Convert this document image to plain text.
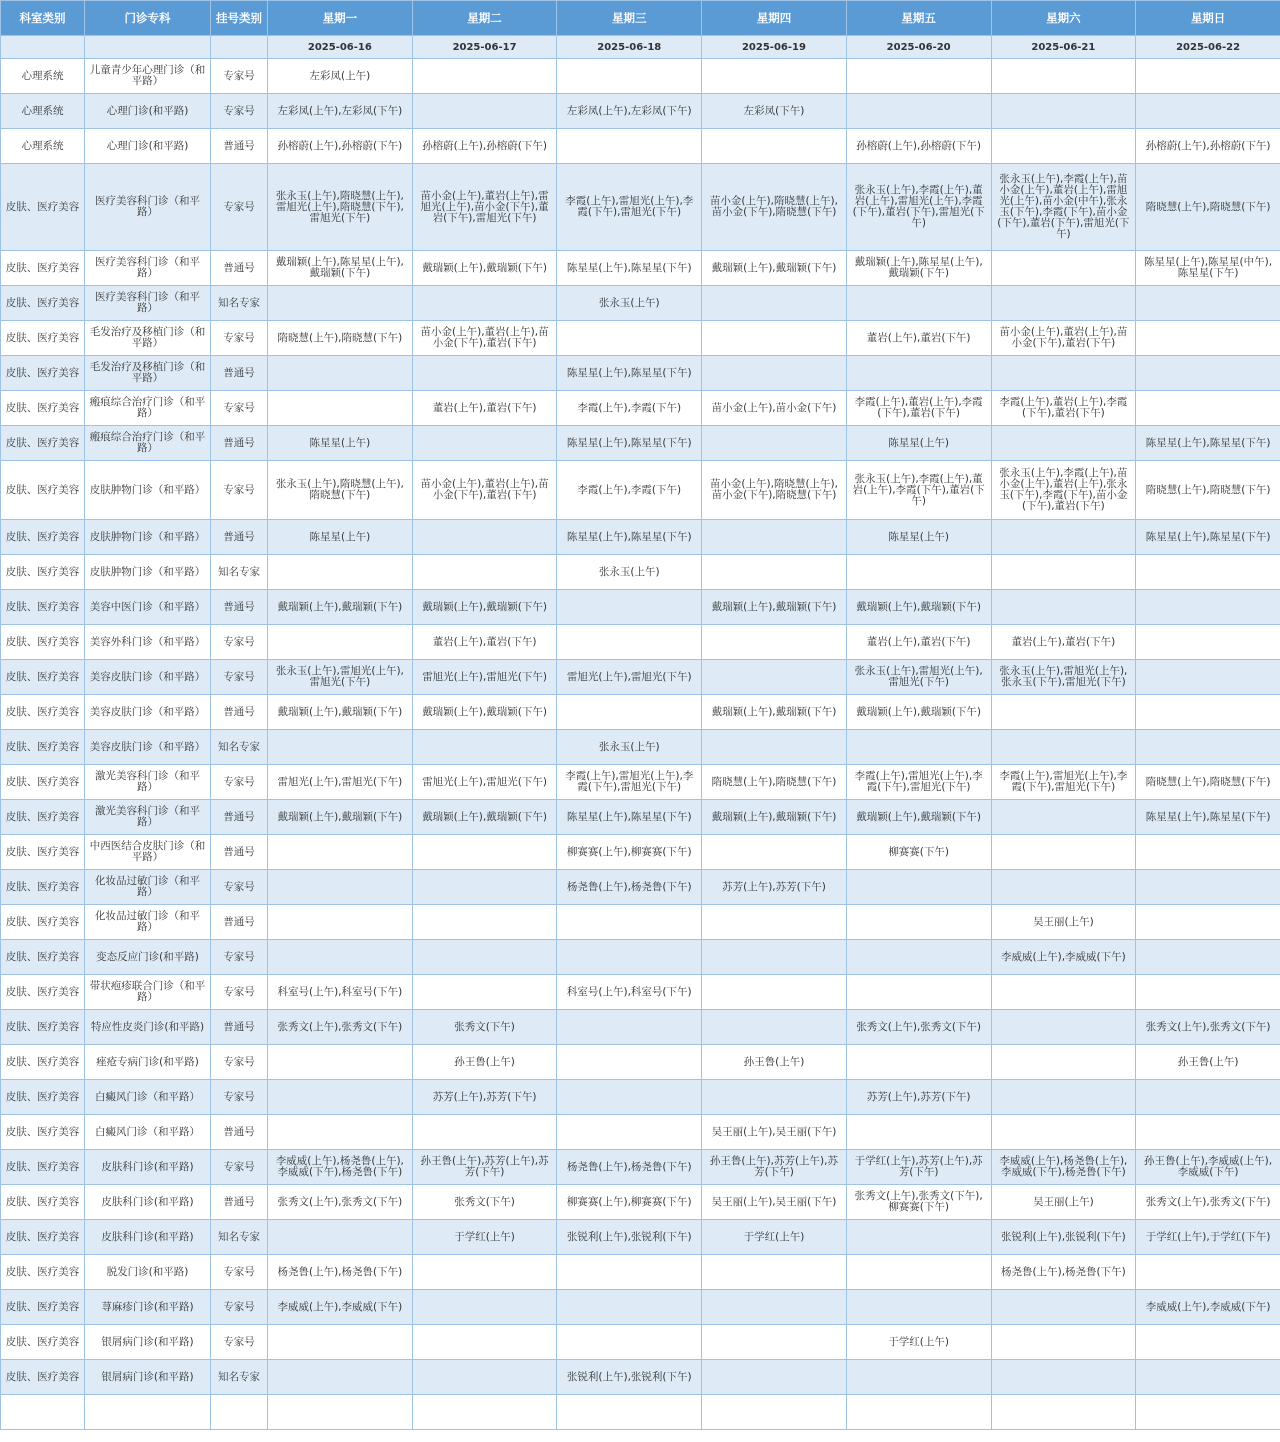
科室类别	门诊专科	挂号类别	星期一	星期二	星期三	星期四	星期五	星期六	星期日
			2025-06-16	2025-06-17	2025-06-18	2025-06-19	2025-06-20	2025-06-21	2025-06-22
心理系统	儿童青少年心理门诊（和平路）	专家号	左彩凤(上午)						
心理系统	心理门诊(和平路)	专家号	左彩凤(上午),左彩凤(下午)		左彩凤(上午),左彩凤(下午)	左彩凤(下午)			
心理系统	心理门诊(和平路)	普通号	孙榕蔚(上午),孙榕蔚(下午)	孙榕蔚(上午),孙榕蔚(下午)			孙榕蔚(上午),孙榕蔚(下午)		孙榕蔚(上午),孙榕蔚(下午)
皮肤、医疗美容	医疗美容科门诊（和平路）	专家号	张永玉(上午),隋晓慧(上午),雷旭光(上午),隋晓慧(下午),雷旭光(下午)	苗小金(上午),董岩(上午),雷旭光(上午),苗小金(下午),董岩(下午),雷旭光(下午)	李霞(上午),雷旭光(上午),李霞(下午),雷旭光(下午)	苗小金(上午),隋晓慧(上午),苗小金(下午),隋晓慧(下午)	张永玉(上午),李霞(上午),董岩(上午),雷旭光(上午),李霞(下午),董岩(下午),雷旭光(下午)	张永玉(上午),李霞(上午),苗小金(上午),董岩(上午),雷旭光(上午),苗小金(中午),张永玉(下午),李霞(下午),苗小金(下午),董岩(下午),雷旭光(下午)	隋晓慧(上午),隋晓慧(下午)
皮肤、医疗美容	医疗美容科门诊（和平路）	普通号	戴瑞颖(上午),陈星星(上午),戴瑞颖(下午)	戴瑞颖(上午),戴瑞颖(下午)	陈星星(上午),陈星星(下午)	戴瑞颖(上午),戴瑞颖(下午)	戴瑞颖(上午),陈星星(上午),戴瑞颖(下午)		陈星星(上午),陈星星(中午),陈星星(下午)
皮肤、医疗美容	医疗美容科门诊（和平路）	知名专家			张永玉(上午)				
皮肤、医疗美容	毛发治疗及移植门诊（和平路）	专家号	隋晓慧(上午),隋晓慧(下午)	苗小金(上午),董岩(上午),苗小金(下午),董岩(下午)			董岩(上午),董岩(下午)	苗小金(上午),董岩(上午),苗小金(下午),董岩(下午)	
皮肤、医疗美容	毛发治疗及移植门诊（和平路）	普通号			陈星星(上午),陈星星(下午)				
皮肤、医疗美容	瘢痕综合治疗门诊（和平路）	专家号		董岩(上午),董岩(下午)	李霞(上午),李霞(下午)	苗小金(上午),苗小金(下午)	李霞(上午),董岩(上午),李霞(下午),董岩(下午)	李霞(上午),董岩(上午),李霞(下午),董岩(下午)	
皮肤、医疗美容	瘢痕综合治疗门诊（和平路）	普通号	陈星星(上午)		陈星星(上午),陈星星(下午)		陈星星(上午)		陈星星(上午),陈星星(下午)
皮肤、医疗美容	皮肤肿物门诊（和平路）	专家号	张永玉(上午),隋晓慧(上午),隋晓慧(下午)	苗小金(上午),董岩(上午),苗小金(下午),董岩(下午)	李霞(上午),李霞(下午)	苗小金(上午),隋晓慧(上午),苗小金(下午),隋晓慧(下午)	张永玉(上午),李霞(上午),董岩(上午),李霞(下午),董岩(下午)	张永玉(上午),李霞(上午),苗小金(上午),董岩(上午),张永玉(下午),李霞(下午),苗小金(下午),董岩(下午)	隋晓慧(上午),隋晓慧(下午)
皮肤、医疗美容	皮肤肿物门诊（和平路）	普通号	陈星星(上午)		陈星星(上午),陈星星(下午)		陈星星(上午)		陈星星(上午),陈星星(下午)
皮肤、医疗美容	皮肤肿物门诊（和平路）	知名专家			张永玉(上午)				
皮肤、医疗美容	美容中医门诊（和平路）	普通号	戴瑞颖(上午),戴瑞颖(下午)	戴瑞颖(上午),戴瑞颖(下午)		戴瑞颖(上午),戴瑞颖(下午)	戴瑞颖(上午),戴瑞颖(下午)		
皮肤、医疗美容	美容外科门诊（和平路）	专家号		董岩(上午),董岩(下午)			董岩(上午),董岩(下午)	董岩(上午),董岩(下午)	
皮肤、医疗美容	美容皮肤门诊（和平路）	专家号	张永玉(上午),雷旭光(上午),雷旭光(下午)	雷旭光(上午),雷旭光(下午)	雷旭光(上午),雷旭光(下午)		张永玉(上午),雷旭光(上午),雷旭光(下午)	张永玉(上午),雷旭光(上午),张永玉(下午),雷旭光(下午)	
皮肤、医疗美容	美容皮肤门诊（和平路）	普通号	戴瑞颖(上午),戴瑞颖(下午)	戴瑞颖(上午),戴瑞颖(下午)		戴瑞颖(上午),戴瑞颖(下午)	戴瑞颖(上午),戴瑞颖(下午)		
皮肤、医疗美容	美容皮肤门诊（和平路）	知名专家			张永玉(上午)				
皮肤、医疗美容	激光美容科门诊（和平路）	专家号	雷旭光(上午),雷旭光(下午)	雷旭光(上午),雷旭光(下午)	李霞(上午),雷旭光(上午),李霞(下午),雷旭光(下午)	隋晓慧(上午),隋晓慧(下午)	李霞(上午),雷旭光(上午),李霞(下午),雷旭光(下午)	李霞(上午),雷旭光(上午),李霞(下午),雷旭光(下午)	隋晓慧(上午),隋晓慧(下午)
皮肤、医疗美容	激光美容科门诊（和平路）	普通号	戴瑞颖(上午),戴瑞颖(下午)	戴瑞颖(上午),戴瑞颖(下午)	陈星星(上午),陈星星(下午)	戴瑞颖(上午),戴瑞颖(下午)	戴瑞颖(上午),戴瑞颖(下午)		陈星星(上午),陈星星(下午)
皮肤、医疗美容	中西医结合皮肤门诊（和平路）	普通号			柳赛赛(上午),柳赛赛(下午)		柳赛赛(下午)		
皮肤、医疗美容	化妆品过敏门诊（和平路）	专家号			杨尧鲁(上午),杨尧鲁(下午)	苏芳(上午),苏芳(下午)			
皮肤、医疗美容	化妆品过敏门诊（和平路）	普通号						吴王丽(上午)	
皮肤、医疗美容	变态反应门诊(和平路)	专家号						李威威(上午),李威威(下午)	
皮肤、医疗美容	带状疱疹联合门诊（和平路）	专家号	科室号(上午),科室号(下午)		科室号(上午),科室号(下午)				
皮肤、医疗美容	特应性皮炎门诊(和平路)	普通号	张秀文(上午),张秀文(下午)	张秀文(下午)			张秀文(上午),张秀文(下午)		张秀文(上午),张秀文(下午)
皮肤、医疗美容	痤疮专病门诊(和平路)	专家号		孙王鲁(上午)		孙王鲁(上午)			孙王鲁(上午)
皮肤、医疗美容	白癜风门诊（和平路）	专家号		苏芳(上午),苏芳(下午)			苏芳(上午),苏芳(下午)		
皮肤、医疗美容	白癜风门诊（和平路）	普通号				吴王丽(上午),吴王丽(下午)			
皮肤、医疗美容	皮肤科门诊(和平路)	专家号	李威威(上午),杨尧鲁(上午),李威威(下午),杨尧鲁(下午)	孙王鲁(上午),苏芳(上午),苏芳(下午)	杨尧鲁(上午),杨尧鲁(下午)	孙王鲁(上午),苏芳(上午),苏芳(下午)	于学红(上午),苏芳(上午),苏芳(下午)	李威威(上午),杨尧鲁(上午),李威威(下午),杨尧鲁(下午)	孙王鲁(上午),李威威(上午),李威威(下午)
皮肤、医疗美容	皮肤科门诊(和平路)	普通号	张秀文(上午),张秀文(下午)	张秀文(下午)	柳赛赛(上午),柳赛赛(下午)	吴王丽(上午),吴王丽(下午)	张秀文(上午),张秀文(下午),柳赛赛(下午)	吴王丽(上午)	张秀文(上午),张秀文(下午)
皮肤、医疗美容	皮肤科门诊(和平路)	知名专家		于学红(上午)	张锐利(上午),张锐利(下午)	于学红(上午)		张锐利(上午),张锐利(下午)	于学红(上午),于学红(下午)
皮肤、医疗美容	脱发门诊(和平路)	专家号	杨尧鲁(上午),杨尧鲁(下午)					杨尧鲁(上午),杨尧鲁(下午)	
皮肤、医疗美容	荨麻疹门诊(和平路)	专家号	李威威(上午),李威威(下午)						李威威(上午),李威威(下午)
皮肤、医疗美容	银屑病门诊(和平路)	专家号					于学红(上午)		
皮肤、医疗美容	银屑病门诊(和平路)	知名专家			张锐利(上午),张锐利(下午)				
